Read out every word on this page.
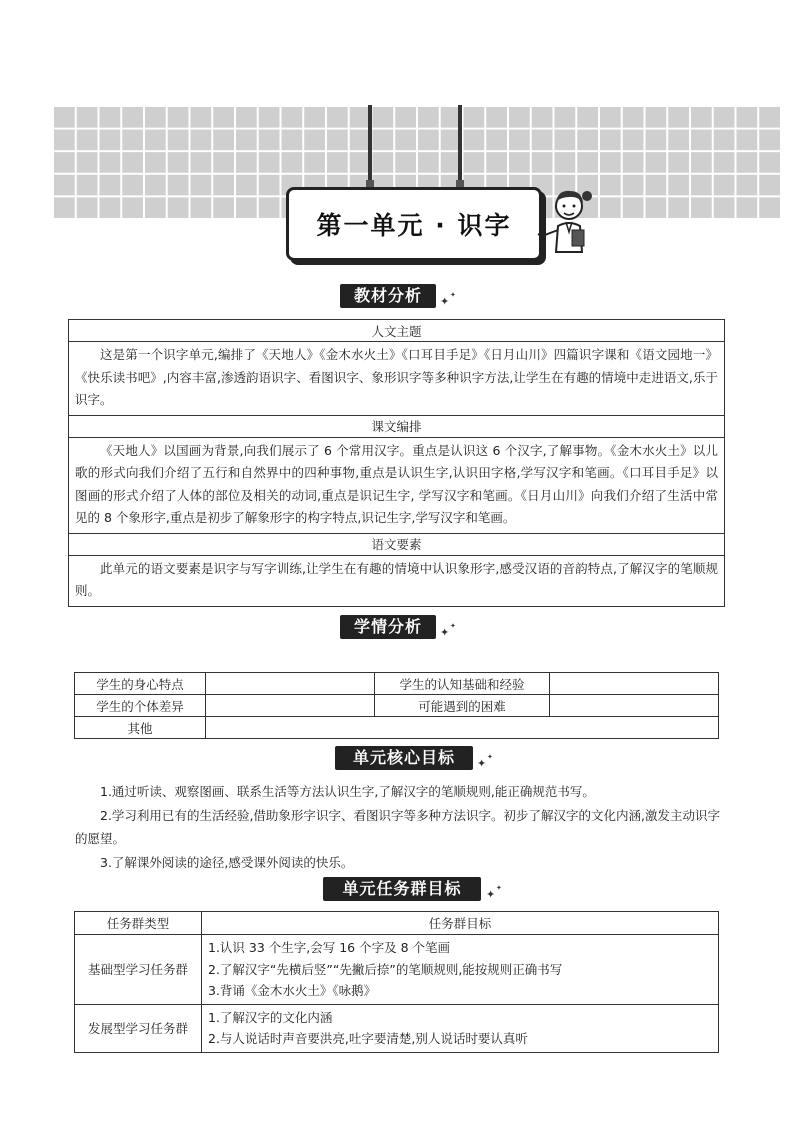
第一单元 · 识字
教材分析	✦ ✦
人文主题
这是第一个识字单元,编排了《天地人》《金木水火土》《口耳目手足》《日月山川》四篇识字课和《语文园地一》《快乐读书吧》,内容丰富,渗透韵语识字、看图识字、象形识字等多种识字方法,让学生在有趣的情境中走进语文,乐于识字。
课文编排
《天地人》以国画为背景,向我们展示了 6 个常用汉字。重点是认识这 6 个汉字,了解事物。《金木水火土》以儿歌的形式向我们介绍了五行和自然界中的四种事物,重点是认识生字,认识田字格,学写汉字和笔画。《口耳目手足》以图画的形式介绍了人体的部位及相关的动词,重点是识记生字, 学写汉字和笔画。《日月山川》向我们介绍了生活中常见的 8 个象形字,重点是初步了解象形字的构字特点,识记生字,学写汉字和笔画。
语文要素
此单元的语文要素是识字与写字训练,让学生在有趣的情境中认识象形字,感受汉语的音韵特点,了解汉字的笔顺规则。
学情分析	✦ ✦
学生的身心特点		学生的认知基础和经验	
学生的个体差异		可能遇到的困难	
其他			
单元核心目标	✦ ✦

1.通过听读、观察图画、联系生活等方法认识生字,了解汉字的笔顺规则,能正确规范书写。

2.学习利用已有的生活经验,借助象形字识字、看图识字等多种方法识字。初步了解汉字的文化内涵,激发主动识字的愿望。

3.了解课外阅读的途径,感受课外阅读的快乐。

单元任务群目标	✦ ✦
任务群类型	任务群目标
基础型学习任务群	1.认识 33 个生字,会写 16 个字及 8 个笔画
2.了解汉字“先横后竖”“先撇后捺”的笔顺规则,能按规则正确书写
3.背诵《金木水火土》《咏鹅》

发展型学习任务群	1.了解汉字的文化内涵
2.与人说话时声音要洪亮,吐字要清楚,别人说话时要认真听
